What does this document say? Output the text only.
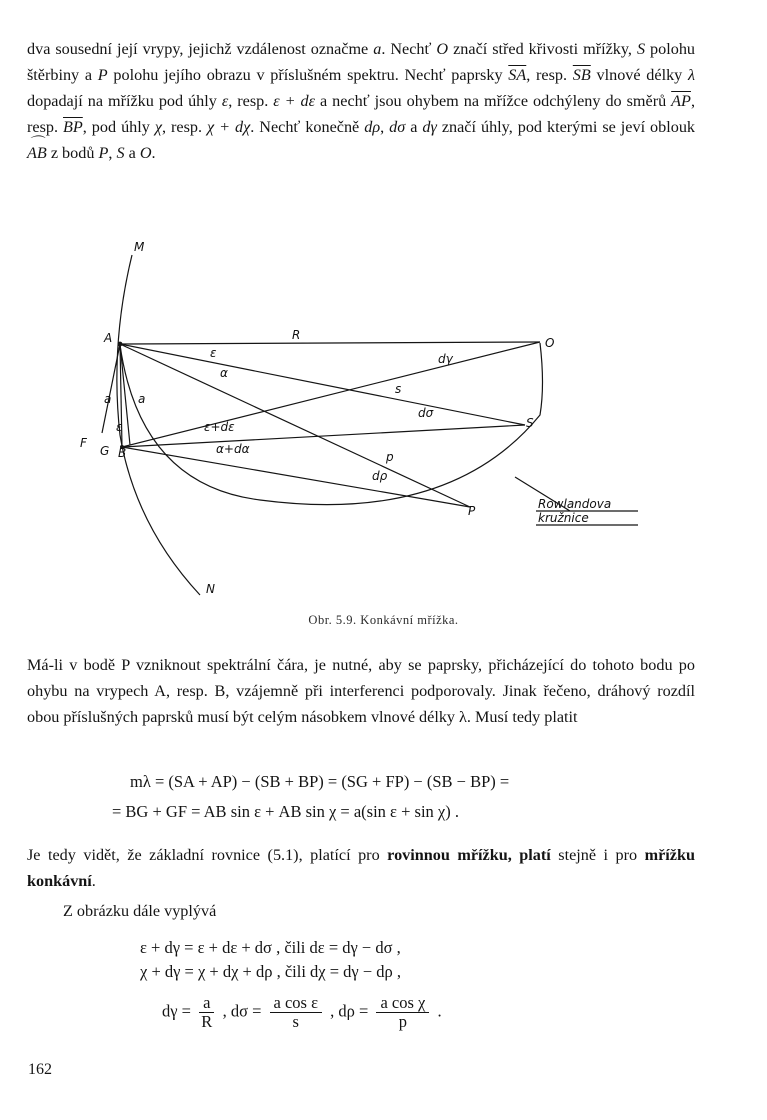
dva sousední její vrypy, jejichž vzdálenost označme a. Nechť O značí střed křivosti mřížky, S polohu štěrbiny a P polohu jejího obrazu v příslušném spektru. Nechť paprsky $\overline{SA}$, resp. $\overline{SB}$ vlnové délky λ dopadají na mřížku pod úhly ε, resp. ε + dε a nechť jsou ohybem na mřížce odchýleny do směrů $\overline{AP}$, resp. $\overline{BP}$, pod úhly χ, resp. χ + dχ. Nechť konečně dρ, dσ a dγ značí úhly, pod kterými se jeví oblouk ⌒ AB z bodů P, S a O.

M
N
A	O
R
S
P
F
G B
a a
ε
ε
α
ε+dε
α+dα
s
p
dγ
dσ
dρ
Rowlandova
kružnice
Obr. 5.9. Konkávní mřížka.

Má-li v bodě P vzniknout spektrální čára, je nutné, aby se paprsky, přicházející do tohoto bodu po ohybu na vrypech A, resp. B, vzájemně při interferenci podporovaly. Jinak řečeno, dráhový rozdíl obou příslušných paprsků musí být celým násobkem vlnové délky λ. Musí tedy platit

mλ = (SA + AP) − (SB + BP) = (SG + FP) − (SB − BP) =
= BG + GF = AB sin ε + AB sin χ = a(sin ε + sin χ) .

Je tedy vidět, že základní rovnice (5.1), platící pro rovinnou mřížku, platí stejně i pro mřížku konkávní.

Z obrázku dále vyplývá

ε + dγ = ε + dε + dσ , čili dε = dγ − dσ ,
χ + dγ = χ + dχ + dρ , čili dχ = dγ − dρ ,
$d\gamma = \frac{a}{R}$ , $d\sigma = \frac{\text{a cos ε}}{s}$ , $d\rho = \frac{\text{a cos χ}}{p}$ .
162
